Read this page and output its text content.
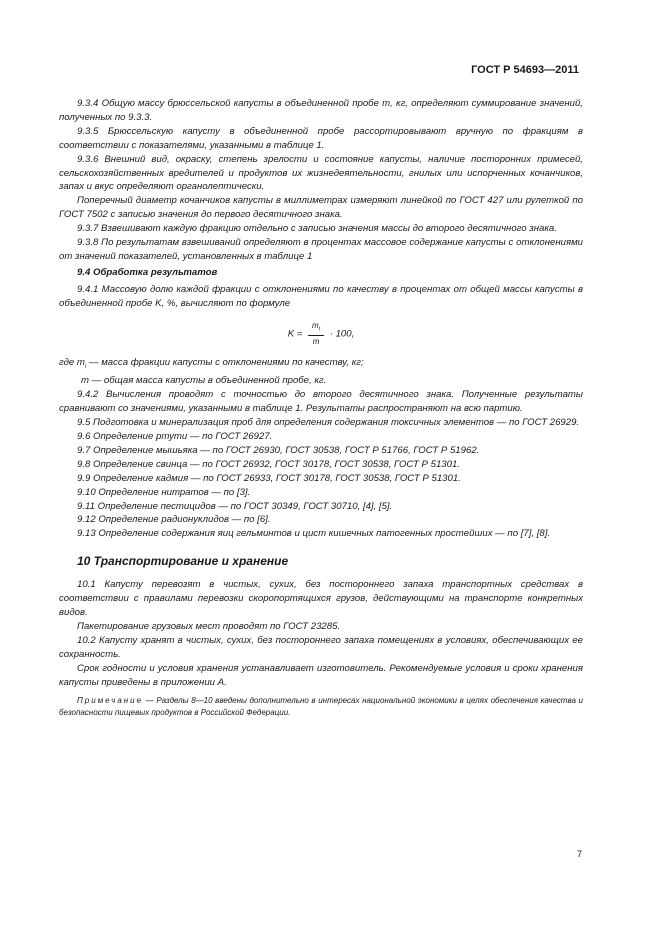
ГОСТ Р 54693—2011

9.3.4 Общую массу брюссельской капусты в объединенной пробе m, кг, определяют суммирование значений, полученных по 9.3.3.

9.3.5 Брюссельскую капусту в объединенной пробе рассортировывают вручную по фракциям в соответствии с показателями, указанными в таблице 1.

9.3.6 Внешний вид, окраску, степень зрелости и состояние капусты, наличие посторонних примесей, сельскохозяйственных вредителей и продуктов их жизнедеятельности, гнилых или испорченных кочанчиков, запах и вкус определяют органолептически.

Поперечный диаметр кочанчиков капусты в миллиметрах измеряют линейкой по ГОСТ 427 или рулеткой по ГОСТ 7502 с записью значения до первого десятичного знака.

9.3.7 Взвешивают каждую фракцию отдельно с записью значения массы до второго десятичного знака.

9.3.8 По результатам взвешиваний определяют в процентах массовое содержание капусты с отклонениями от значений показателей, установленных в таблице 1

9.4 Обработка результатов

9.4.1 Массовую долю каждой фракции с отклонениями по качеству в процентах от общей массы капусты в объединенной пробе K, %, вычисляют по формуле

$K = \frac{m_i}{m} \cdot 100$,

где $m_i$ — масса фракции капусты с отклонениями по качеству, кг;

m — общая масса капусты в объединенной пробе, кг.

9.4.2 Вычисления проводят с точностью до второго десятичного знака. Полученные результаты сравнивают со значениями, указанными в таблице 1. Результаты распространяют на всю партию.

9.5 Подготовка и минерализация проб для определения содержания токсичных элементов — по ГОСТ 26929.

9.6 Определение ртути — по ГОСТ 26927.

9.7 Определение мышьяка — по ГОСТ 26930, ГОСТ 30538, ГОСТ Р 51766, ГОСТ Р 51962.

9.8 Определение свинца — по ГОСТ 26932, ГОСТ 30178, ГОСТ 30538, ГОСТ Р 51301.

9.9 Определение кадмия — по ГОСТ 26933, ГОСТ 30178, ГОСТ 30538, ГОСТ Р 51301.

9.10 Определение нитратов — по [3].

9.11 Определение пестицидов — по ГОСТ 30349, ГОСТ 30710, [4], [5].

9.12 Определение радионуклидов — по [6].

9.13 Определение содержания яиц гельминтов и цист кишечных патогенных простейших — по [7], [8].

10 Транспортирование и хранение

10.1 Капусту перевозят в чистых, сухих, без постороннего запаха транспортных средствах в соответствии с правилами перевозки скоропортящихся грузов, действующими на транспорте конкретных видов.

Пакетирование грузовых мест проводят по ГОСТ 23285.

10.2 Капусту хранят в чистых, сухих, без постороннего запаха помещениях в условиях, обеспечивающих ее сохранность.

Срок годности и условия хранения устанавливает изготовитель. Рекомендуемые условия и сроки хранения капусты приведены в приложении А.

Примечание — Разделы 8—10 введены дополнительно в интересах национальной экономики в целях обеспечения качества и безопасности пищевых продуктов в Российской Федерации.

7
